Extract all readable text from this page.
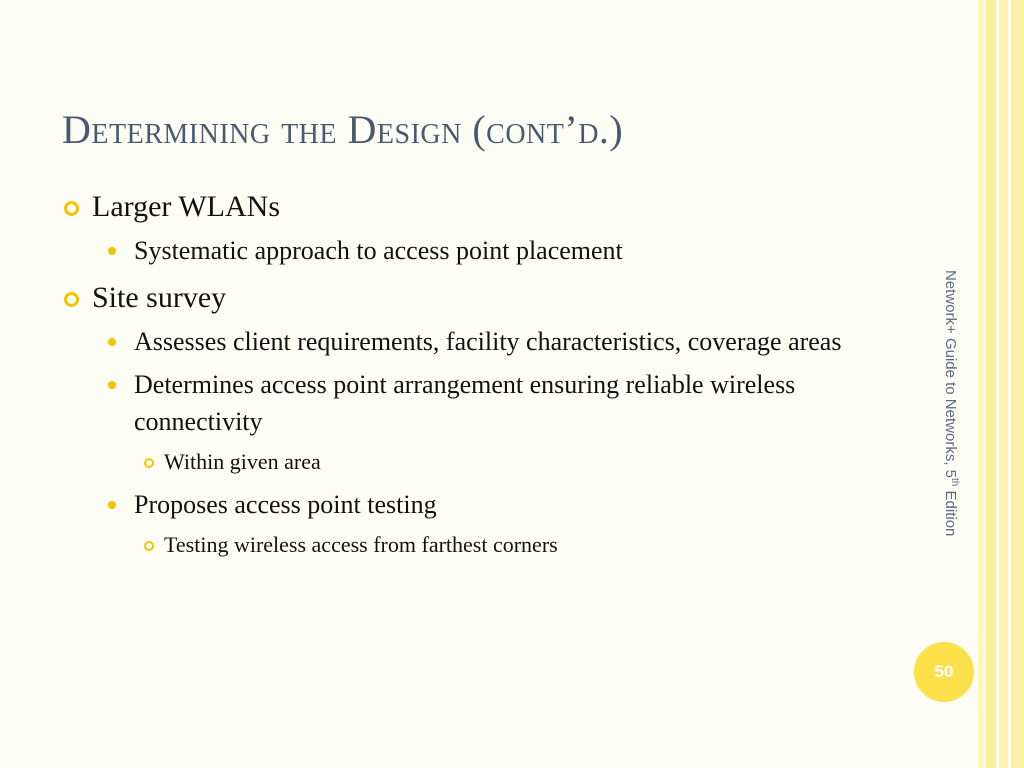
Determining the Design (cont’d.)
Larger WLANs
Systematic approach to access point placement
Site survey
Assesses client requirements, facility characteristics, coverage areas
Determines access point arrangement ensuring reliable wireless connectivity
Within given area
Proposes access point testing
Testing wireless access from farthest corners
Network+ Guide to Networks, 5th Edition
50
